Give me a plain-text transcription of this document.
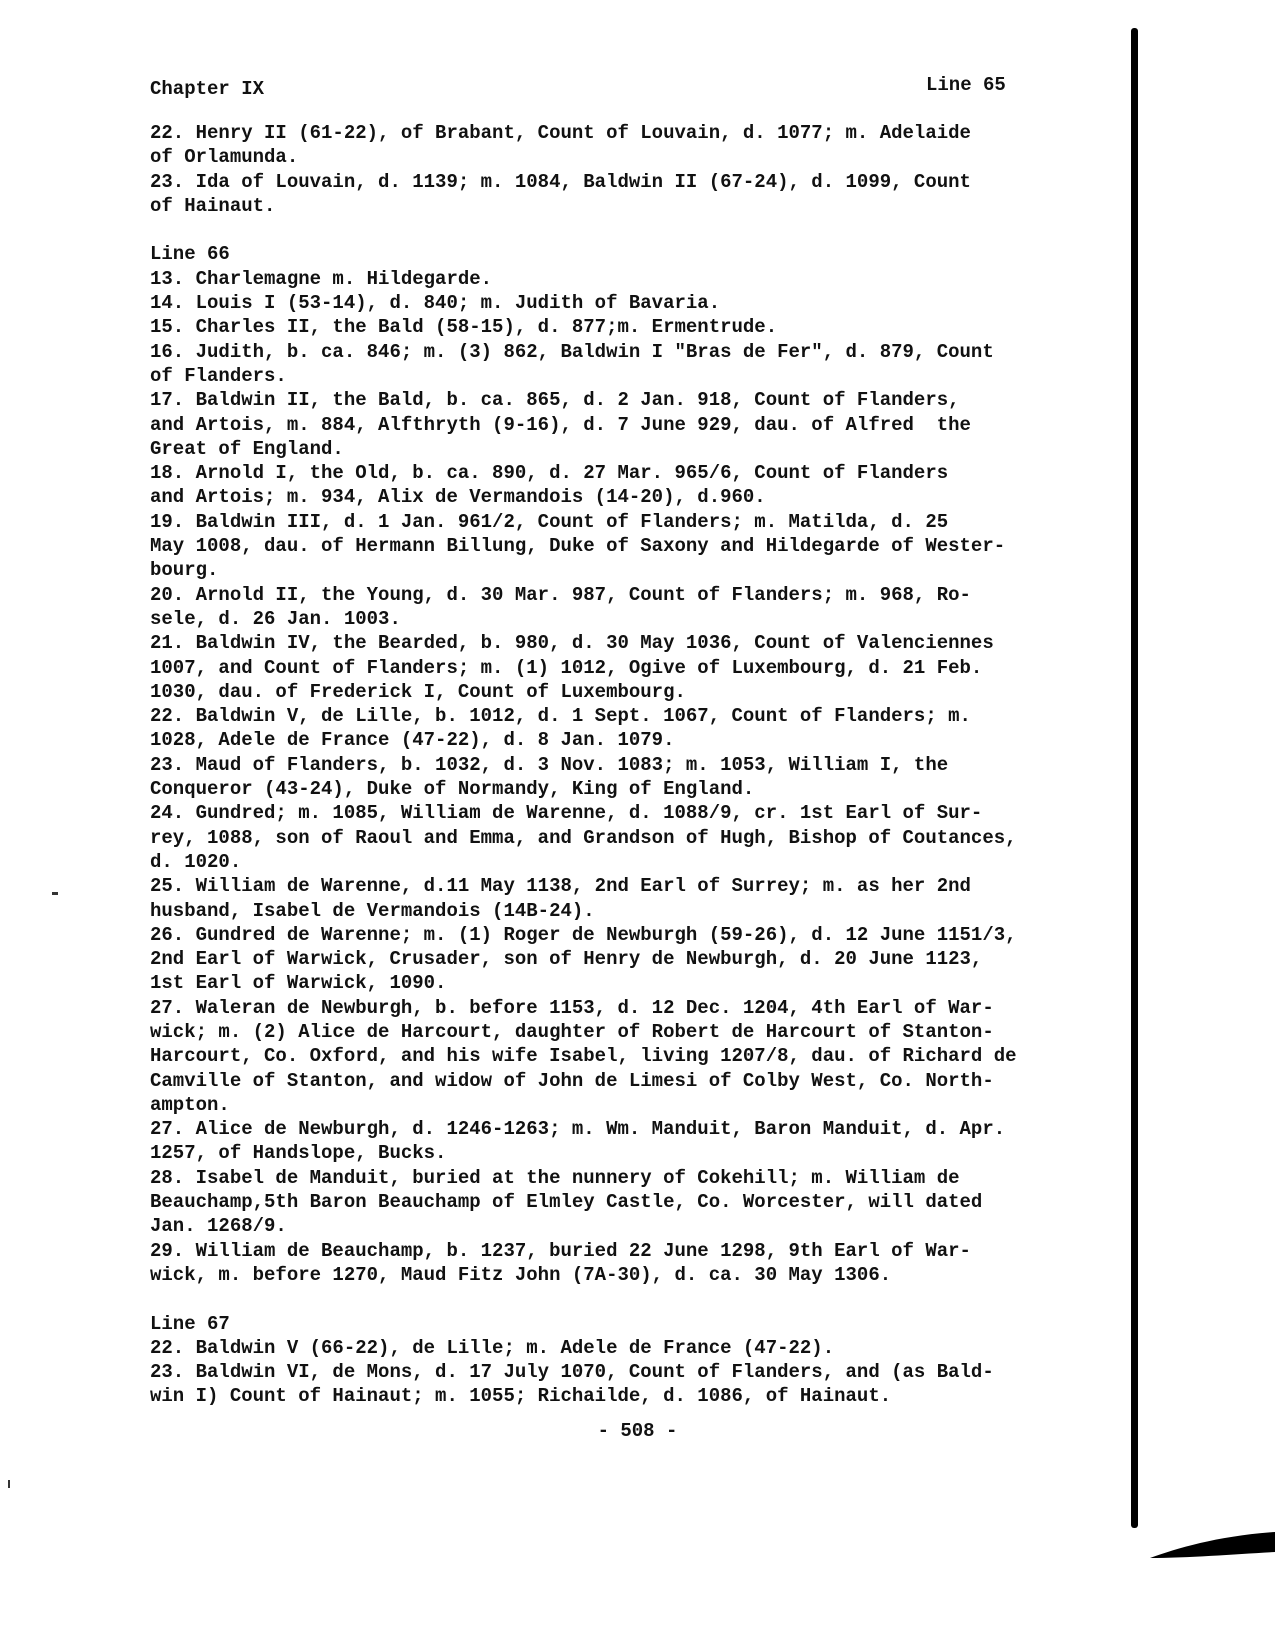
Chapter IX	Line 65
22. Henry II (61-22), of Brabant, Count of Louvain, d. 1077; m. Adelaide
of Orlamunda.
23. Ida of Louvain, d. 1139; m. 1084, Baldwin II (67-24), d. 1099, Count
of Hainaut.
Line 66
13. Charlemagne m. Hildegarde.
14. Louis I (53-14), d. 840; m. Judith of Bavaria.
15. Charles II, the Bald (58-15), d. 877;m. Ermentrude.
16. Judith, b. ca. 846; m. (3) 862, Baldwin I "Bras de Fer", d. 879, Count
of Flanders.
17. Baldwin II, the Bald, b. ca. 865, d. 2 Jan. 918, Count of Flanders,
and Artois, m. 884, Alfthryth (9-16), d. 7 June 929, dau. of Alfred  the
Great of England.
18. Arnold I, the Old, b. ca. 890, d. 27 Mar. 965/6, Count of Flanders
and Artois; m. 934, Alix de Vermandois (14-20), d.960.
19. Baldwin III, d. 1 Jan. 961/2, Count of Flanders; m. Matilda, d. 25
May 1008, dau. of Hermann Billung, Duke of Saxony and Hildegarde of Wester-
bourg.
20. Arnold II, the Young, d. 30 Mar. 987, Count of Flanders; m. 968, Ro-
sele, d. 26 Jan. 1003.
21. Baldwin IV, the Bearded, b. 980, d. 30 May 1036, Count of Valenciennes
1007, and Count of Flanders; m. (1) 1012, Ogive of Luxembourg, d. 21 Feb.
1030, dau. of Frederick I, Count of Luxembourg.
22. Baldwin V, de Lille, b. 1012, d. 1 Sept. 1067, Count of Flanders; m.
1028, Adele de France (47-22), d. 8 Jan. 1079.
23. Maud of Flanders, b. 1032, d. 3 Nov. 1083; m. 1053, William I, the
Conqueror (43-24), Duke of Normandy, King of England.
24. Gundred; m. 1085, William de Warenne, d. 1088/9, cr. 1st Earl of Sur-
rey, 1088, son of Raoul and Emma, and Grandson of Hugh, Bishop of Coutances,
d. 1020.
25. William de Warenne, d.11 May 1138, 2nd Earl of Surrey; m. as her 2nd
husband, Isabel de Vermandois (14B-24).
26. Gundred de Warenne; m. (1) Roger de Newburgh (59-26), d. 12 June 1151/3,
2nd Earl of Warwick, Crusader, son of Henry de Newburgh, d. 20 June 1123,
1st Earl of Warwick, 1090.
27. Waleran de Newburgh, b. before 1153, d. 12 Dec. 1204, 4th Earl of War-
wick; m. (2) Alice de Harcourt, daughter of Robert de Harcourt of Stanton-
Harcourt, Co. Oxford, and his wife Isabel, living 1207/8, dau. of Richard de
Camville of Stanton, and widow of John de Limesi of Colby West, Co. North-
ampton.
27. Alice de Newburgh, d. 1246-1263; m. Wm. Manduit, Baron Manduit, d. Apr.
1257, of Handslope, Bucks.
28. Isabel de Manduit, buried at the nunnery of Cokehill; m. William de
Beauchamp,5th Baron Beauchamp of Elmley Castle, Co. Worcester, will dated
Jan. 1268/9.
29. William de Beauchamp, b. 1237, buried 22 June 1298, 9th Earl of War-
wick, m. before 1270, Maud Fitz John (7A-30), d. ca. 30 May 1306.
Line 67
22. Baldwin V (66-22), de Lille; m. Adele de France (47-22).
23. Baldwin VI, de Mons, d. 17 July 1070, Count of Flanders, and (as Bald-
win I) Count of Hainaut; m. 1055; Richailde, d. 1086, of Hainaut.
- 508 -
